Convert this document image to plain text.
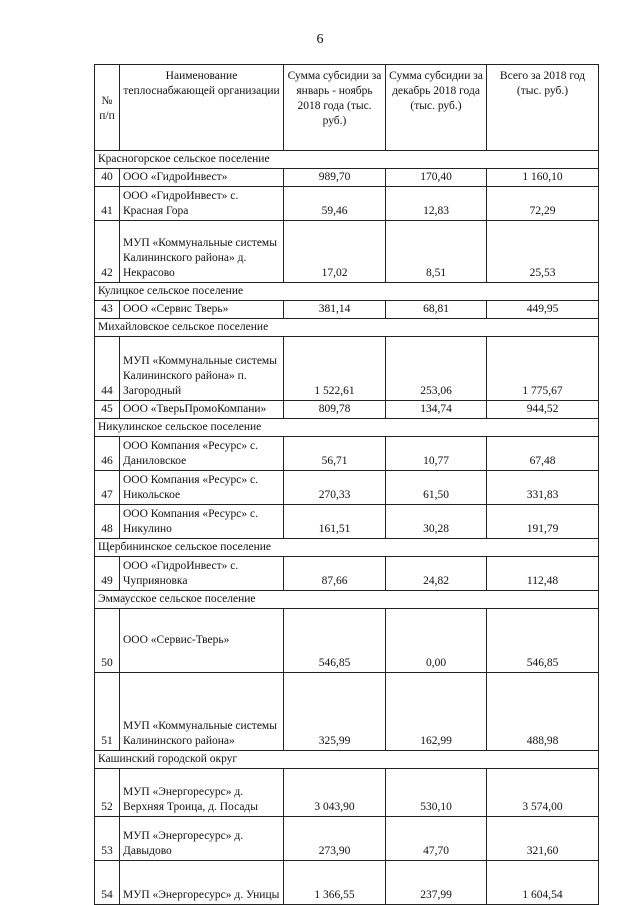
6
№ п/п	Наименование теплоснабжающей организации	Сумма субсидии за январь - ноябрь 2018 года (тыс. руб.)	Сумма субсидии за декабрь 2018 года (тыс. руб.)	Всего за 2018 год (тыс. руб.)
Красногорское сельское поселение				
40	ООО «ГидроИнвест»	989,70	170,40	1 160,10
41	ООО «ГидроИнвест» с. Красная Гора	59,46	12,83	72,29
42	МУП «Коммунальные системы Калининского района» д. Некрасово	17,02	8,51	25,53
Кулицкое сельское поселение				
43	ООО «Сервис Тверь»	381,14	68,81	449,95
Михайловское сельское поселение				
44	МУП «Коммунальные системы Калининского района» п. Загородный	1 522,61	253,06	1 775,67
45	ООО «ТверьПромоКомпани»	809,78	134,74	944,52
Никулинское сельское поселение				
46	ООО Компания «Ресурс» с. Даниловское	56,71	10,77	67,48
47	ООО Компания «Ресурс» с. Никольское	270,33	61,50	331,83
48	ООО Компания «Ресурс» с. Никулино	161,51	30,28	191,79
Щербининское сельское поселение				
49	ООО «ГидроИнвест» с. Чуприяновка	87,66	24,82	112,48
Эммаусское сельское поселение				
50	ООО «Сервис-Тверь»	546,85	0,00	546,85
51	МУП «Коммунальные системы Калининского района»	325,99	162,99	488,98
Кашинский городской округ				
52	МУП «Энергоресурс» д. Верхняя Троица, д. Посады	3 043,90	530,10	3 574,00
53	МУП «Энергоресурс» д. Давыдово	273,90	47,70	321,60
54	МУП «Энергоресурс» д. Уницы	1 366,55	237,99	1 604,54
